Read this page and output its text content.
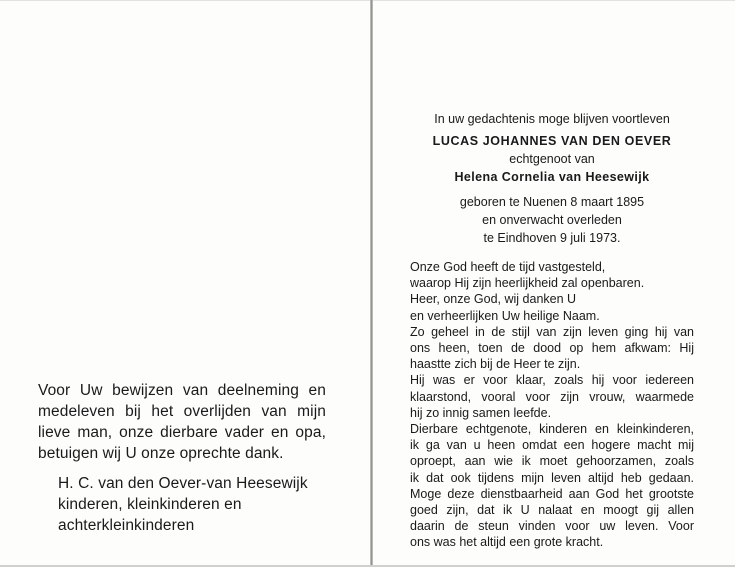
Voor Uw bewijzen van deelneming en
medeleven bij het overlijden van mijn
lieve man, onze dierbare vader en opa,
betuigen wij U onze oprechte dank.
H. C. van den Oever-van Heesewijk
kinderen, kleinkinderen en
achterkleinkinderen
In uw gedachtenis moge blijven voortleven
LUCAS JOHANNES VAN DEN OEVER
echtgenoot van
Helena Cornelia van Heesewijk
geboren te Nuenen 8 maart 1895
en onverwacht overleden
te Eindhoven 9 juli 1973.
Onze God heeft de tijd vastgesteld,
waarop Hij zijn heerlijkheid zal openbaren.
Heer, onze God, wij danken U
en verheerlijken Uw heilige Naam.
Zo geheel in de stijl van zijn leven ging hij van
ons heen, toen de dood op hem afkwam: Hij
haastte zich bij de Heer te zijn.
Hij was er voor klaar, zoals hij voor iedereen
klaarstond, vooral voor zijn vrouw, waarmede
hij zo innig samen leefde.
Dierbare echtgenote, kinderen en kleinkinderen,
ik ga van u heen omdat een hogere macht mij
oproept, aan wie ik moet gehoorzamen, zoals
ik dat ook tijdens mijn leven altijd heb gedaan.
Moge deze dienstbaarheid aan God het grootste
goed zijn, dat ik U nalaat en moogt gij allen
daarin de steun vinden voor uw leven. Voor
ons was het altijd een grote kracht.
